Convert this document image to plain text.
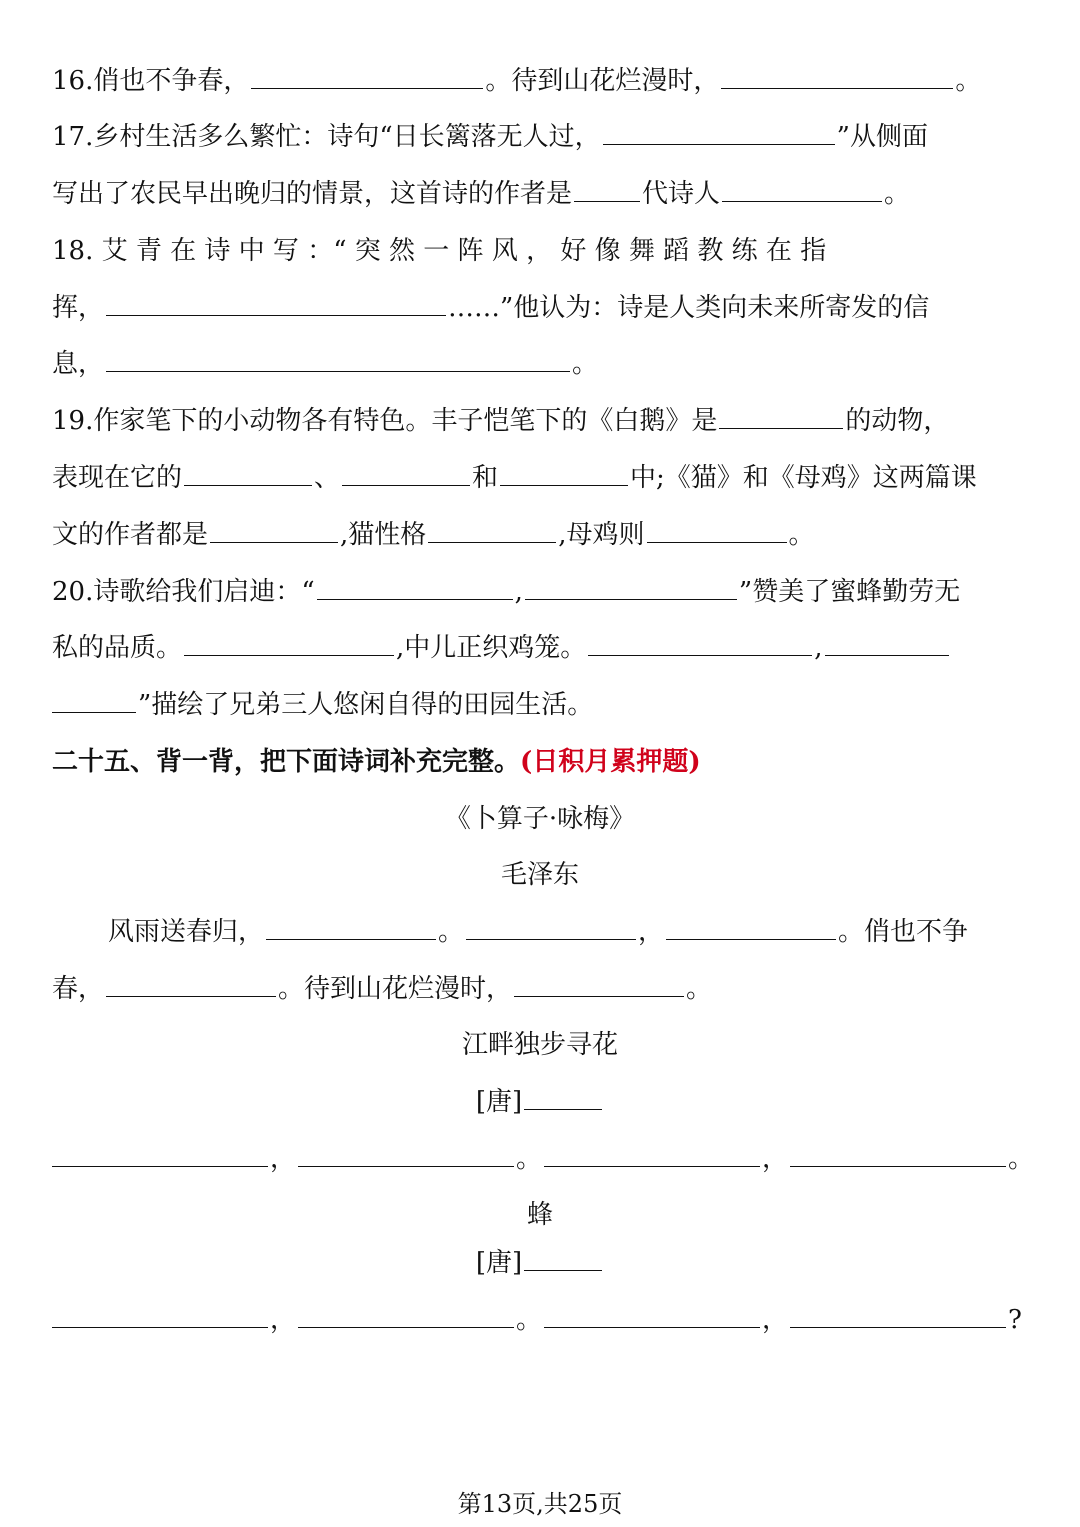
16.俏也不争春，	。待到山花烂漫时，	。
17.乡村生活多么繁忙：诗句“日长篱落无人过，	”从侧面
写出了农民早出晚归的情景，这首诗的作者是	代诗人	。
18. 艾 青 在 诗 中 写 ：“ 突 然 一 阵 风 ， 好 像 舞 蹈 教 练 在 指
挥，	……”他认为：诗是人类向未来所寄发的信
息，	。
19.作家笔下的小动物各有特色。丰子恺笔下的《白鹅》是	的动物，
表现在它的	、	和	中;《猫》和《母鸡》这两篇课
文的作者都是	,猫性格	,母鸡则	。
20.诗歌给我们启迪：“	,	”赞美了蜜蜂勤劳无
私的品质。	,中儿正织鸡笼。	,
”描绘了兄弟三人悠闲自得的田园生活。
二十五、背一背，把下面诗词补充完整。(日积月累押题)
《卜算子·咏梅》
毛泽东
风雨送春归，	。	，	。俏也不争
春，	。待到山花烂漫时，	。
江畔独步寻花
[唐]
，	。	，	。
蜂
[唐]
，	。	，	?
第13页,共25页
